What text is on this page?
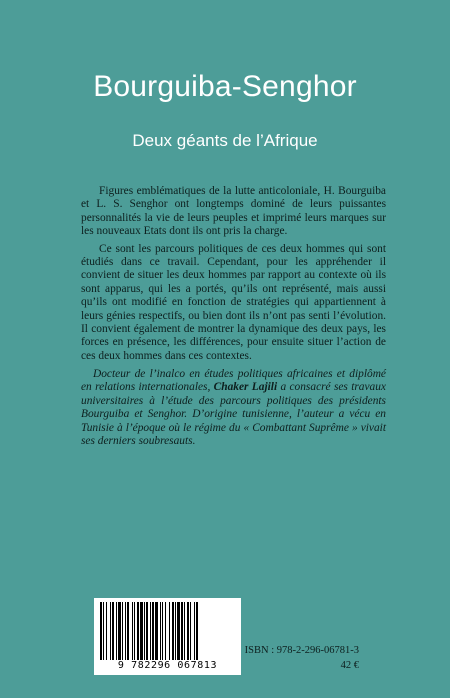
Bourguiba-Senghor
Deux géants de l’Afrique

Figures emblématiques de la lutte anticoloniale, H. Bourguiba et L. S. Senghor ont longtemps dominé de leurs puissantes personnalités la vie de leurs peuples et imprimé leurs marques sur les nouveaux Etats dont ils ont pris la charge.

Ce sont les parcours politiques de ces deux hommes qui sont étudiés dans ce travail. Cependant, pour les appréhender il convient de situer les deux hommes par rapport au contexte où ils sont apparus, qui les a portés, qu’ils ont représenté, mais aussi qu’ils ont modifié en fonction de stratégies qui appartiennent à leurs génies respectifs, ou bien dont ils n’ont pas senti l’évolution. Il convient également de montrer la dynamique des deux pays, les forces en présence, les différences, pour ensuite situer l’action de ces deux hommes dans ces contextes.

Docteur de l’inalco en études politiques africaines et diplômé en relations internationales, Chaker Lajili a consacré ses travaux universitaires à l’étude des parcours politiques des présidents Bourguiba et Senghor. D’origine tunisienne, l’auteur a vécu en Tunisie à l’époque où le régime du « Combattant Suprême » vivait ses derniers soubresauts.

9 782296 067813
ISBN : 978-2-296-06781-3
42 €
